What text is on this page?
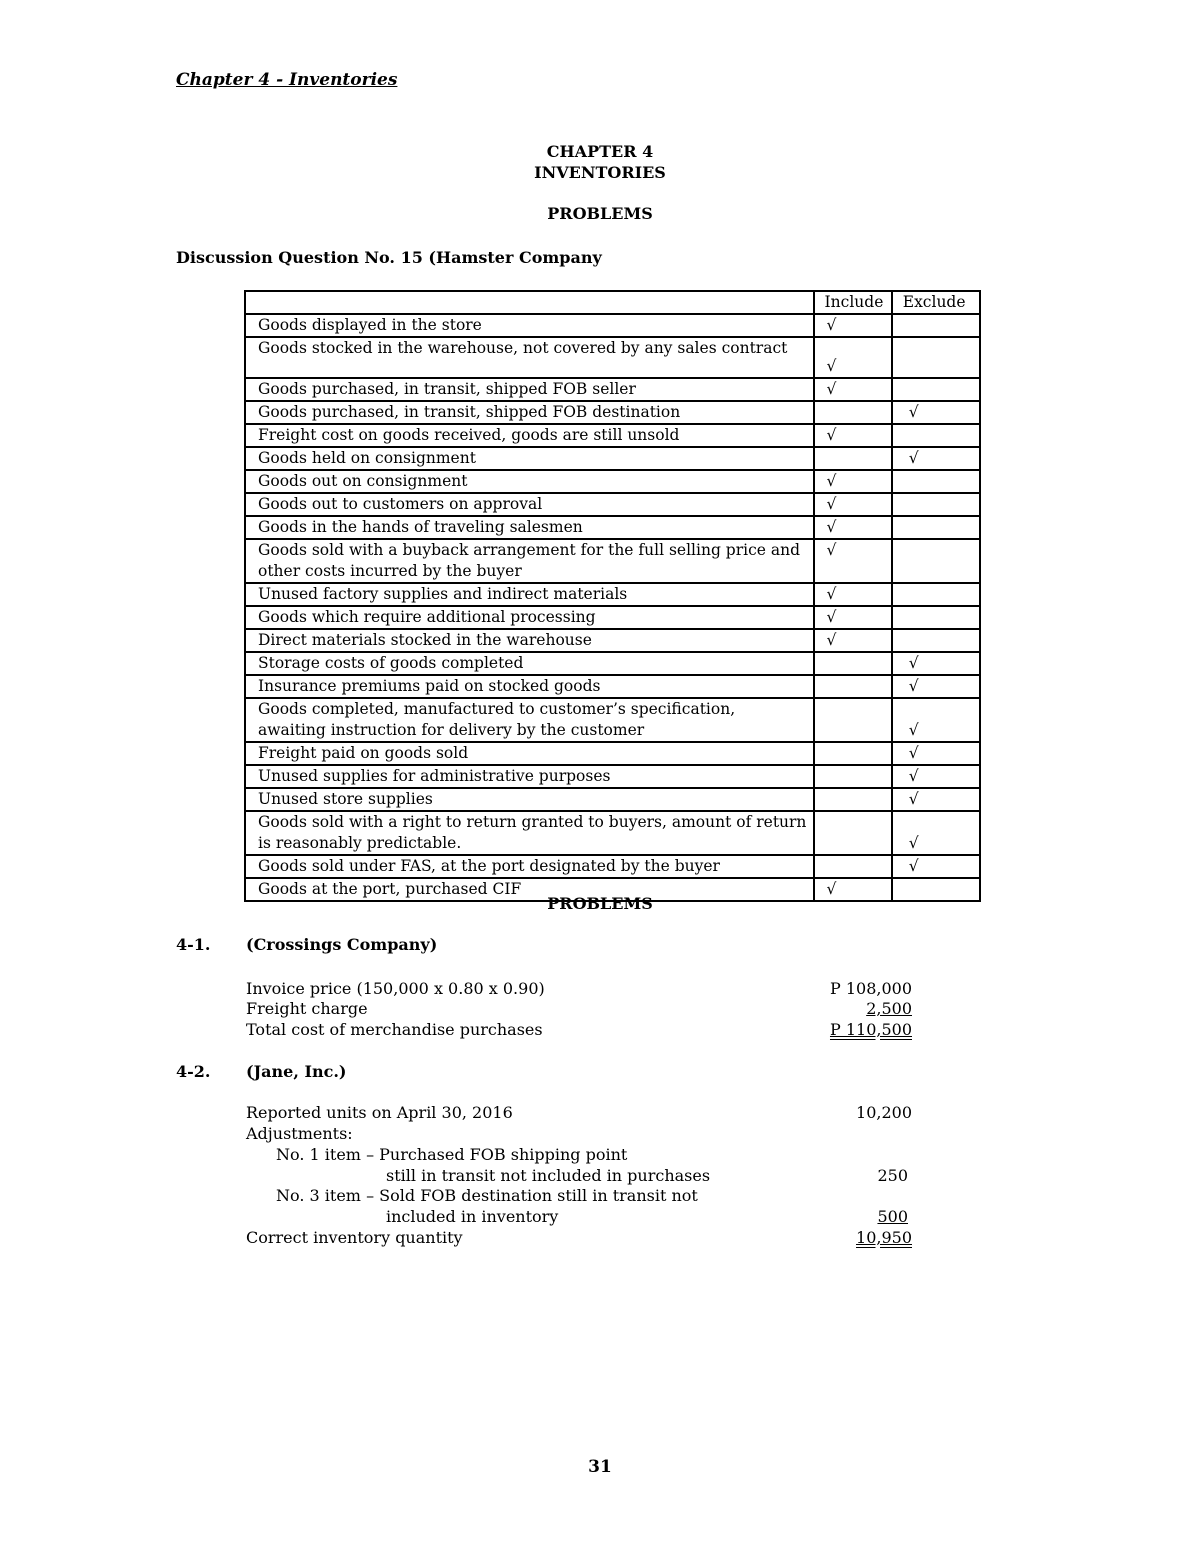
Chapter 4 - Inventories
CHAPTER 4
INVENTORIES
PROBLEMS
Discussion Question No. 15 (Hamster Company
	Include	Exclude
Goods displayed in the store	√	
Goods stocked in the warehouse, not covered by any sales contract	√	
Goods purchased, in transit, shipped FOB seller	√	
Goods purchased, in transit, shipped FOB destination		√
Freight cost on goods received, goods are still unsold	√	
Goods held on consignment		√
Goods out on consignment	√	
Goods out to customers on approval	√	
Goods in the hands of traveling salesmen	√	
Goods sold with a buyback arrangement for the full selling price and other costs incurred by the buyer	√	
Unused factory supplies and indirect materials	√	
Goods which require additional processing	√	
Direct materials stocked in the warehouse	√	
Storage costs of goods completed		√
Insurance premiums paid on stocked goods		√
Goods completed, manufactured to customer’s specification, awaiting instruction for delivery by the customer		√
Freight paid on goods sold		√
Unused supplies for administrative purposes		√
Unused store supplies		√
Goods sold with a right to return granted to buyers, amount of return is reasonably predictable.		√
Goods sold under FAS, at the port designated by the buyer		√
Goods at the port, purchased CIF	√	
PROBLEMS
4-1. (Crossings Company)
Invoice price (150,000 x 0.80 x 0.90)	P 108,000
Freight charge	2,500
Total cost of merchandise purchases	P 110,500
4-2. (Jane, Inc.)
Reported units on April 30, 2016	10,200
Adjustments:
No. 1 item – Purchased FOB shipping point
still in transit not included in purchases	250
No. 3 item – Sold FOB destination still in transit not
included in inventory	500
Correct inventory quantity	10,950
31
